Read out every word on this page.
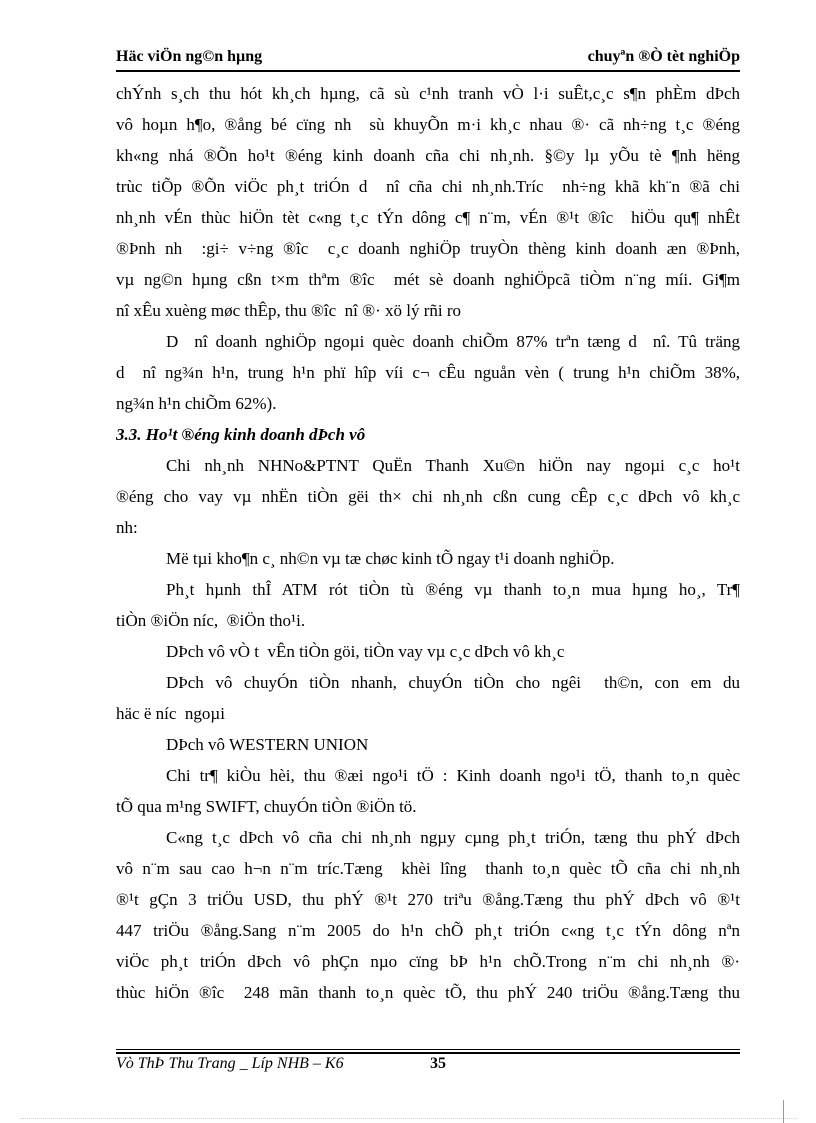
Häc viÖn ng©n hµng	chuyªn ®Ò tèt nghiÖp
chÝnh s¸ch thu hót kh¸ch hµng, cã sù c¹nh tranh vÒ l·i suÊt,c¸c s¶n phÈm dÞch
vô hoµn h¶o, ®ång bé cïng nh  sù khuyÕn m·i kh¸c nhau ®· cã nh÷ng t¸c ®éng
kh«ng nhá ®Õn ho¹t ®éng kinh doanh cña chi nh¸nh. §©y lµ yÕu tè ¶nh hëng
trùc tiÕp ®Õn viÖc ph¸t triÓn d  nî cña chi nh¸nh.Tríc  nh÷ng khã kh¨n ®ã chi
nh¸nh vÉn thùc hiÖn tèt c«ng t¸c tÝn dông c¶ n¨m, vÉn ®¹t ®îc  hiÖu qu¶ nhÊt
®Þnh nh  :gi÷ v÷ng ®îc  c¸c doanh nghiÖp truyÒn thèng kinh doanh æn ®Þnh,
vµ ng©n hµng cßn t×m thªm ®îc  mét sè doanh nghiÖpcã tiÒm n¨ng míi. Gi¶m
nî xÊu xuèng møc thÊp, thu ®îc  nî ®· xö lý rñi ro
D  nî doanh nghiÖp ngoµi quèc doanh chiÕm 87% trªn tæng d  nî. Tû träng
d  nî ng¾n h¹n, trung h¹n phï hîp víi c¬ cÊu nguån vèn ( trung h¹n chiÕm 38%,
ng¾n h¹n chiÕm 62%).
3.3. Ho¹t ®éng kinh doanh dÞch vô
Chi nh¸nh NHNo&PTNT QuËn Thanh Xu©n hiÖn nay ngoµi c¸c ho¹t
®éng cho vay vµ nhËn tiÒn gëi th× chi nh¸nh cßn cung cÊp c¸c dÞch vô kh¸c
nh:
Më tµi kho¶n c¸ nh©n vµ tæ chøc kinh tÕ ngay t¹i doanh nghiÖp.
Ph¸t hµnh thÎ ATM rót tiÒn tù ®éng vµ thanh to¸n mua hµng ho¸, Tr¶
tiÒn ®iÖn níc,  ®iÖn tho¹i.
DÞch vô vÒ t  vÊn tiÒn göi, tiÒn vay vµ c¸c dÞch vô kh¸c
DÞch vô chuyÓn tiÒn nhanh, chuyÓn tiÒn cho ngêi  th©n, con em du
häc ë níc  ngoµi
DÞch vô WESTERN UNION
Chi tr¶ kiÒu hèi, thu ®æi ngo¹i tÖ : Kinh doanh ngo¹i tÖ, thanh to¸n quèc
tÕ qua m¹ng SWIFT, chuyÓn tiÒn ®iÖn tö.
C«ng t¸c dÞch vô cña chi nh¸nh ngµy cµng ph¸t triÓn, tæng thu phÝ dÞch
vô n¨m sau cao h¬n n¨m tríc.Tæng  khèi lîng  thanh to¸n quèc tÕ cña chi nh¸nh
®¹t gÇn 3 triÖu USD, thu phÝ ®¹t 270 triªu ®ång.Tæng thu phÝ dÞch vô ®¹t
447 triÖu ®ång.Sang n¨m 2005 do h¹n chÕ ph¸t triÓn c«ng t¸c tÝn dông nªn
viÖc ph¸t triÓn dÞch vô phÇn nµo cïng bÞ h¹n chÕ.Trong n¨m chi nh¸nh ®·
thùc hiÖn ®îc  248 mãn thanh to¸n quèc tÕ, thu phÝ 240 triÖu ®ång.Tæng thu
Vò ThÞ Thu Trang _ Líp NHB – K6	35
